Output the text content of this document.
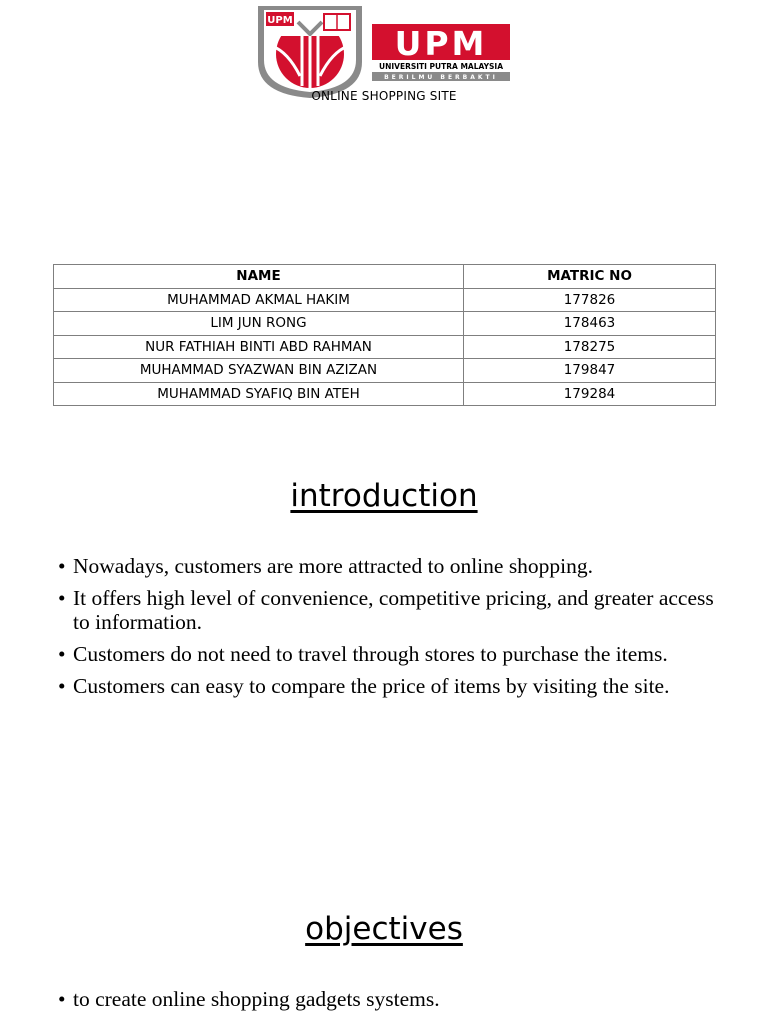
UPM
UPM
UNIVERSITI PUTRA MALAYSIA
BERILMU BERBAKTI
ONLINE SHOPPING SITE
NAME	MATRIC NO
MUHAMMAD AKMAL HAKIM	177826
LIM JUN RONG	178463
NUR FATHIAH BINTI ABD RAHMAN	178275
MUHAMMAD SYAZWAN BIN AZIZAN	179847
MUHAMMAD SYAFIQ BIN ATEH	179284
introduction
• Nowadays, customers are more attracted to online shopping.
• It offers high level of convenience, competitive pricing, and greater access to information.
• Customers do not need to travel through stores to purchase the items.
• Customers can easy to compare the price of items by visiting the site.
objectives
• to create online shopping gadgets systems.
